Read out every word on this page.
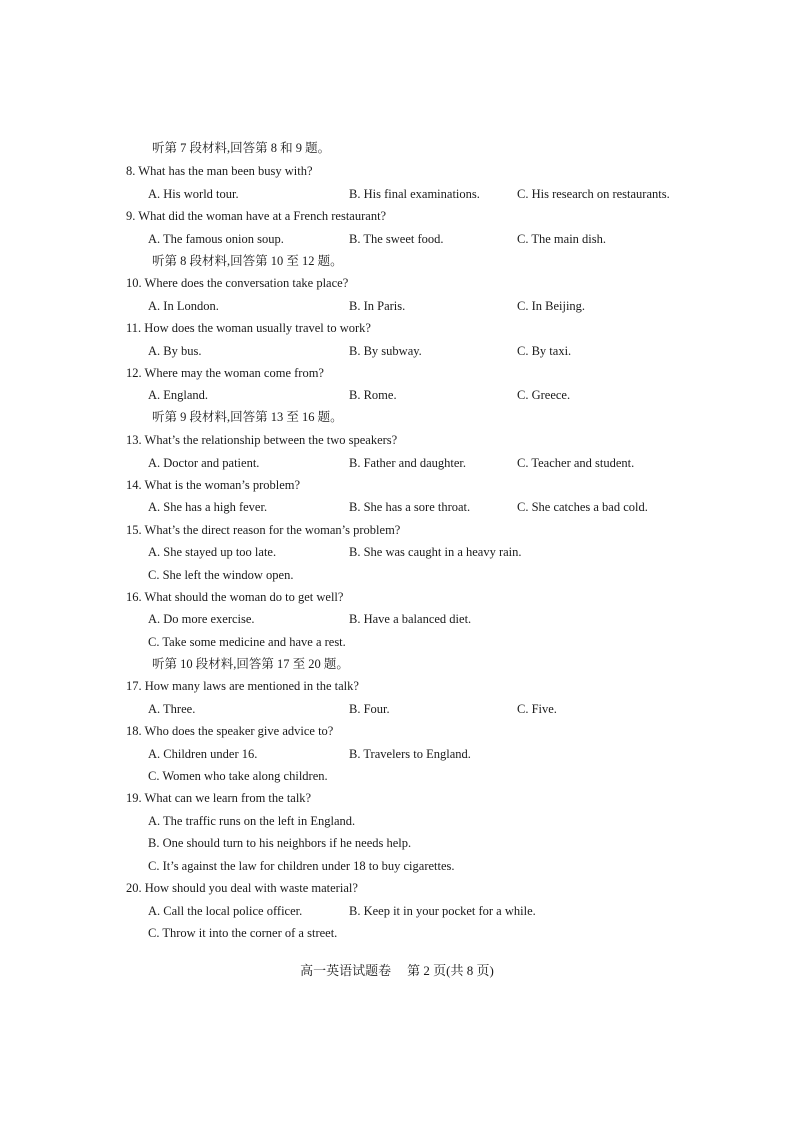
听第 7 段材料,回答第 8 和 9 题。
8. What has the man been busy with?
A. His world tour.	B. His final examinations.	C. His research on restaurants.
9. What did the woman have at a French restaurant?
A. The famous onion soup.	B. The sweet food.	C. The main dish.
听第 8 段材料,回答第 10 至 12 题。
10. Where does the conversation take place?
A. In London.	B. In Paris.	C. In Beijing.
11. How does the woman usually travel to work?
A. By bus.	B. By subway.	C. By taxi.
12. Where may the woman come from?
A. England.	B. Rome.	C. Greece.
听第 9 段材料,回答第 13 至 16 题。
13. What’s the relationship between the two speakers?
A. Doctor and patient.	B. Father and daughter.	C. Teacher and student.
14. What is the woman’s problem?
A. She has a high fever.	B. She has a sore throat.	C. She catches a bad cold.
15. What’s the direct reason for the woman’s problem?
A. She stayed up too late.	B. She was caught in a heavy rain.
C. She left the window open.
16. What should the woman do to get well?
A. Do more exercise.	B. Have a balanced diet.
C. Take some medicine and have a rest.
听第 10 段材料,回答第 17 至 20 题。
17. How many laws are mentioned in the talk?
A. Three.	B. Four.	C. Five.
18. Who does the speaker give advice to?
A. Children under 16.	B. Travelers to England.
C. Women who take along children.
19. What can we learn from the talk?
A. The traffic runs on the left in England.
B. One should turn to his neighbors if he needs help.
C. It’s against the law for children under 18 to buy cigarettes.
20. How should you deal with waste material?
A. Call the local police officer.	B. Keep it in your pocket for a while.
C. Throw it into the corner of a street.
高一英语试题卷 第 2 页(共 8 页)
